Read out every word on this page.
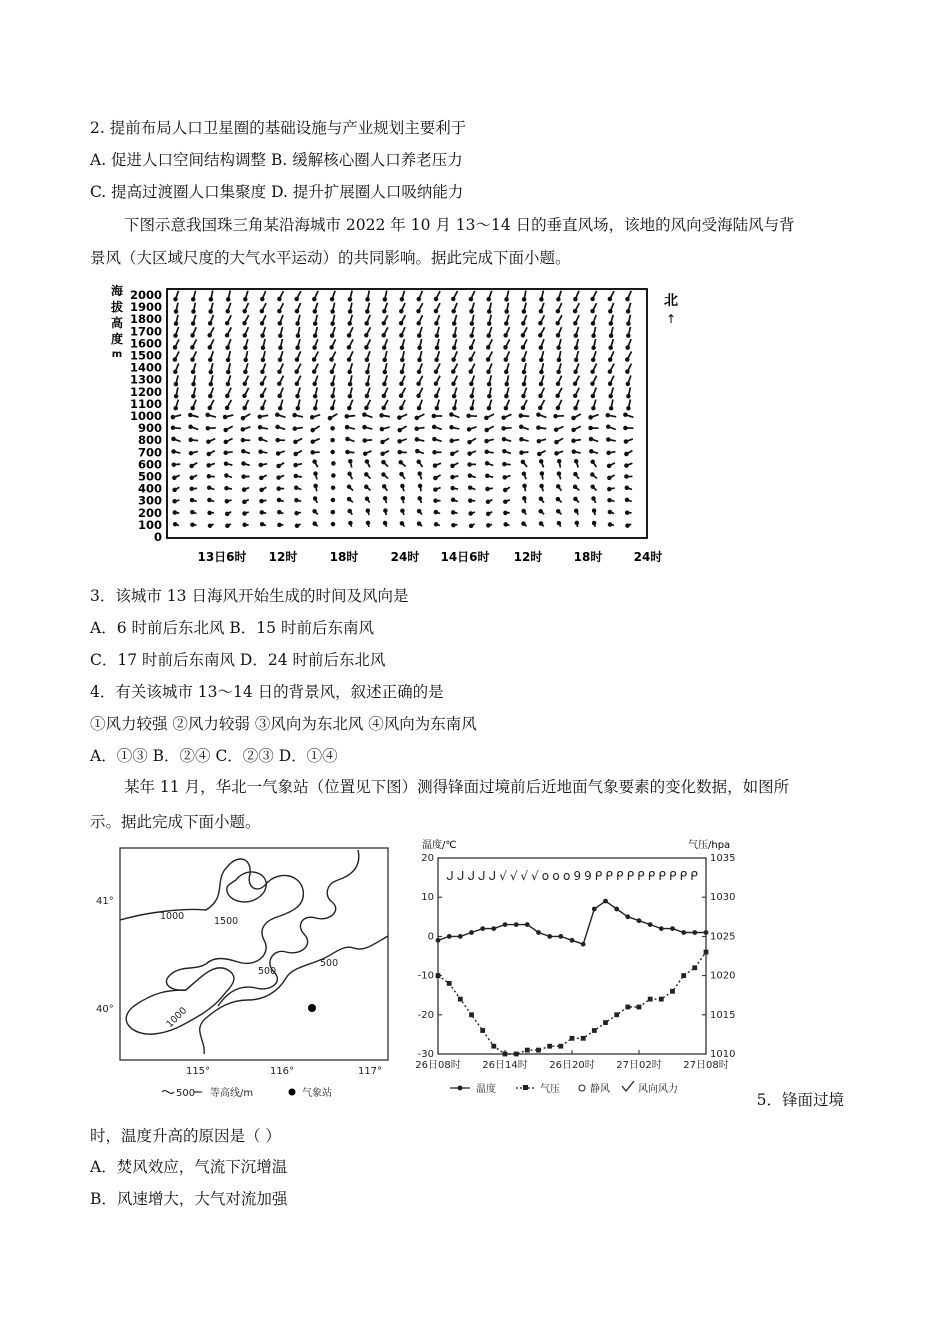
2. 提前布局人口卫星圈的基础设施与产业规划主要利于
A. 促进人口空间结构调整 B. 缓解核心圈人口养老压力
C. 提高过渡圈人口集聚度 D. 提升扩展圈人口吸纳能力
下图示意我国珠三角某沿海城市 2022 年 10 月 13～14 日的垂直风场，该地的风向受海陆风与背
景风（大区域尺度的大气水平运动）的共同影响。据此完成下面小题。
海
拔
高
度
m
2000
1900
1800
1700
1600
1500
1400
1300
1200
1100
1000
900
800
700
600
500
400
300
200
100
0
13日6时 12时	18时	24时 14日6时 12时	18时	24时
北
↑
3．该城市 13 日海风开始生成的时间及风向是
A．6 时前后东北风 B．15 时前后东南风
C．17 时前后东南风 D．24 时前后东北风
4．有关该城市 13～14 日的背景风，叙述正确的是
①风力较强 ②风力较弱 ③风向为东北风 ④风向为东南风
A．①③ B．②④ C．②③ D．①④
某年 11 月，华北一气象站（位置见下图）测得锋面过境前后近地面气象要素的变化数据，如图所
示。据此完成下面小题。
1000	1500
500
500
1000
41°
40°
115°	116°	117°
500 等高线/m	气象站
温度/℃	气压/hpa
20
10
0
-10
-20
-30
1035
1030
1025
1020
1015
1010
26日08时 26日14时 26日20时 27日02时 27日08时
ᒍ ᒍ ᒍ ᒍ ᒍ √ √ √ √ o o o 9 9 ᑭ ᑭ ᑭ ᑭ ᑭ ᑭ ᑭ ᑭ ᑭ ᑭ
温度	气压	静风	风向风力
5．锋面过境
时，温度升高的原因是（ ）
A．焚风效应，气流下沉增温
B．风速增大，大气对流加强
